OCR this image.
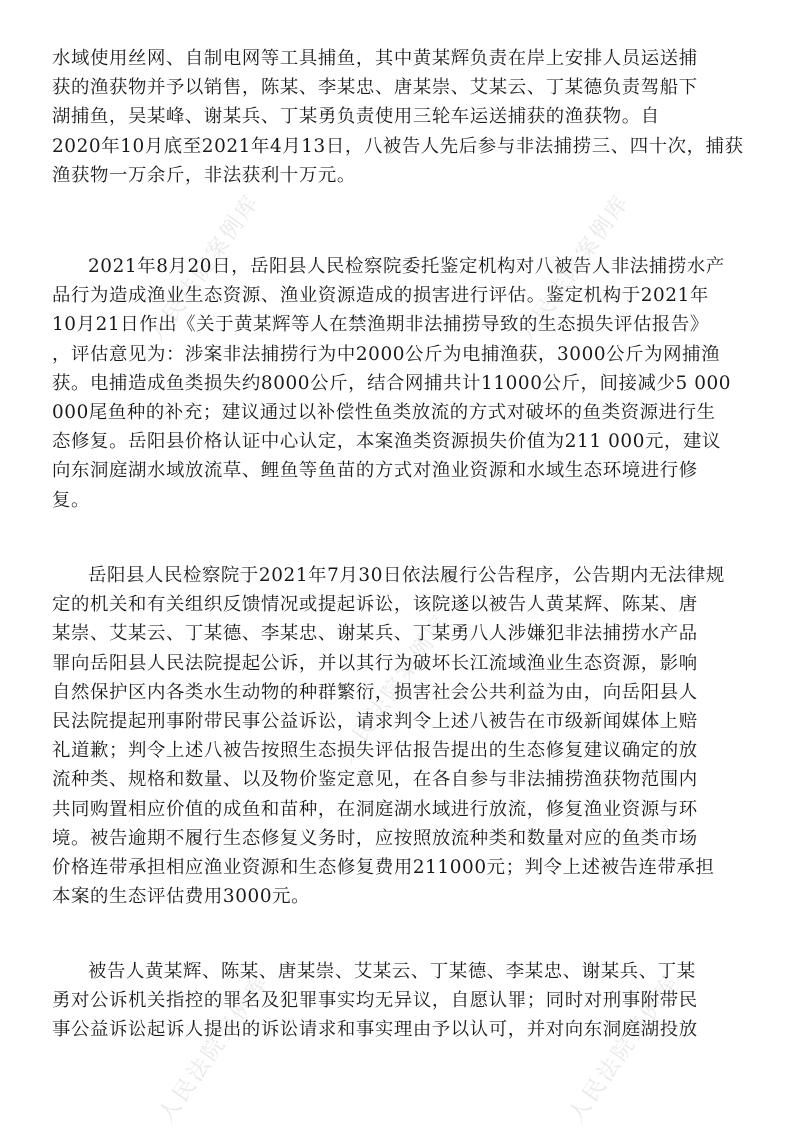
人民法院案例库	人民法院案例库
人民法院案例库
人民法院案例库	人民法院案例库
水域使用丝网、自制电网等工具捕鱼，其中黄某辉负责在岸上安排人员运送捕
获的渔获物并予以销售，陈某、李某忠、唐某崇、艾某云、丁某德负责驾船下
湖捕鱼，吴某峰、谢某兵、丁某勇负责使用三轮车运送捕获的渔获物。自
2020年10月底至2021年4月13日，八被告人先后参与非法捕捞三、四十次，捕获
渔获物一万余斤，非法获利十万元。
2021年8月20日，岳阳县人民检察院委托鉴定机构对八被告人非法捕捞水产
品行为造成渔业生态资源、渔业资源造成的损害进行评估。鉴定机构于2021年
10月21日作出《关于黄某辉等人在禁渔期非法捕捞导致的生态损失评估报告》
，评估意见为：涉案非法捕捞行为中2000公斤为电捕渔获，3000公斤为网捕渔
获。电捕造成鱼类损失约8000公斤，结合网捕共计11000公斤，间接减少5 000
000尾鱼种的补充；建议通过以补偿性鱼类放流的方式对破坏的鱼类资源进行生
态修复。岳阳县价格认证中心认定，本案渔类资源损失价值为211 000元，建议
向东洞庭湖水域放流草、鲤鱼等鱼苗的方式对渔业资源和水域生态环境进行修
复。
岳阳县人民检察院于2021年7月30日依法履行公告程序，公告期内无法律规
定的机关和有关组织反馈情况或提起诉讼，该院遂以被告人黄某辉、陈某、唐
某崇、艾某云、丁某德、李某忠、谢某兵、丁某勇八人涉嫌犯非法捕捞水产品
罪向岳阳县人民法院提起公诉，并以其行为破坏长江流域渔业生态资源，影响
自然保护区内各类水生动物的种群繁衍，损害社会公共利益为由，向岳阳县人
民法院提起刑事附带民事公益诉讼，请求判令上述八被告在市级新闻媒体上赔
礼道歉；判令上述八被告按照生态损失评估报告提出的生态修复建议确定的放
流种类、规格和数量、以及物价鉴定意见，在各自参与非法捕捞渔获物范围内
共同购置相应价值的成鱼和苗种，在洞庭湖水域进行放流，修复渔业资源与环
境。被告逾期不履行生态修复义务时，应按照放流种类和数量对应的鱼类市场
价格连带承担相应渔业资源和生态修复费用211000元；判令上述被告连带承担
本案的生态评估费用3000元。
被告人黄某辉、陈某、唐某崇、艾某云、丁某德、李某忠、谢某兵、丁某
勇对公诉机关指控的罪名及犯罪事实均无异议，自愿认罪；同时对刑事附带民
事公益诉讼起诉人提出的诉讼请求和事实理由予以认可，并对向东洞庭湖投放
